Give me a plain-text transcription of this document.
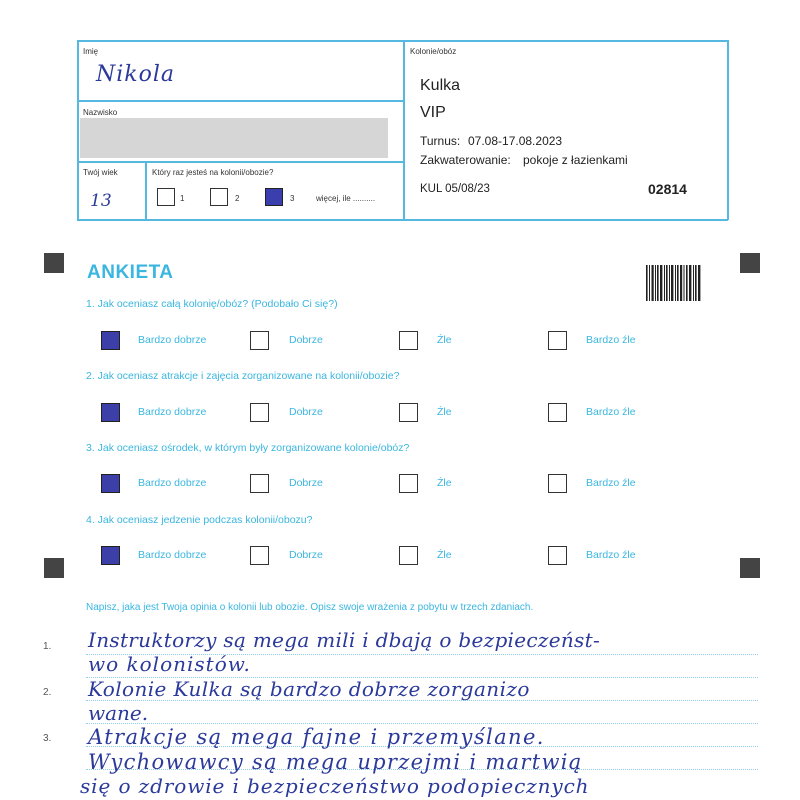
Imię
Nikola
Nazwisko
Twój wiek
13
Który raz jesteś na kolonii/obozie?
1	2	3	więcej, ile ..........
Kolonie/obóz
Kulka
VIP
Turnus: 07.08-17.08.2023
Zakwaterowanie: pokoje z łazienkami
KUL 05/08/23	02814
ANKIETA
1. Jak oceniasz całą kolonię/obóz? (Podobało Ci się?)
Bardzo dobrze	Dobrze	Źle	Bardzo źle
2. Jak oceniasz atrakcje i zajęcia zorganizowane na kolonii/obozie?
Bardzo dobrze	Dobrze	Źle	Bardzo źle
3. Jak oceniasz ośrodek, w którym były zorganizowane kolonie/obóz?
Bardzo dobrze	Dobrze	Źle	Bardzo źle
4. Jak oceniasz jedzenie podczas kolonii/obozu?
Bardzo dobrze	Dobrze	Źle	Bardzo źle
Napisz, jaka jest Twoja opinia o kolonii lub obozie. Opisz swoje wrażenia z pobytu w trzech zdaniach.
1.
2.
3.
Instruktorzy są mega mili i dbają o bezpieczeńst-
wo kolonistów.
Kolonie Kulka są bardzo dobrze zorganizo
wane.
Atrakcje są mega fajne i przemyślane.
Wychowawcy są mega uprzejmi i martwią
się o zdrowie i bezpieczeństwo podopiecznych
